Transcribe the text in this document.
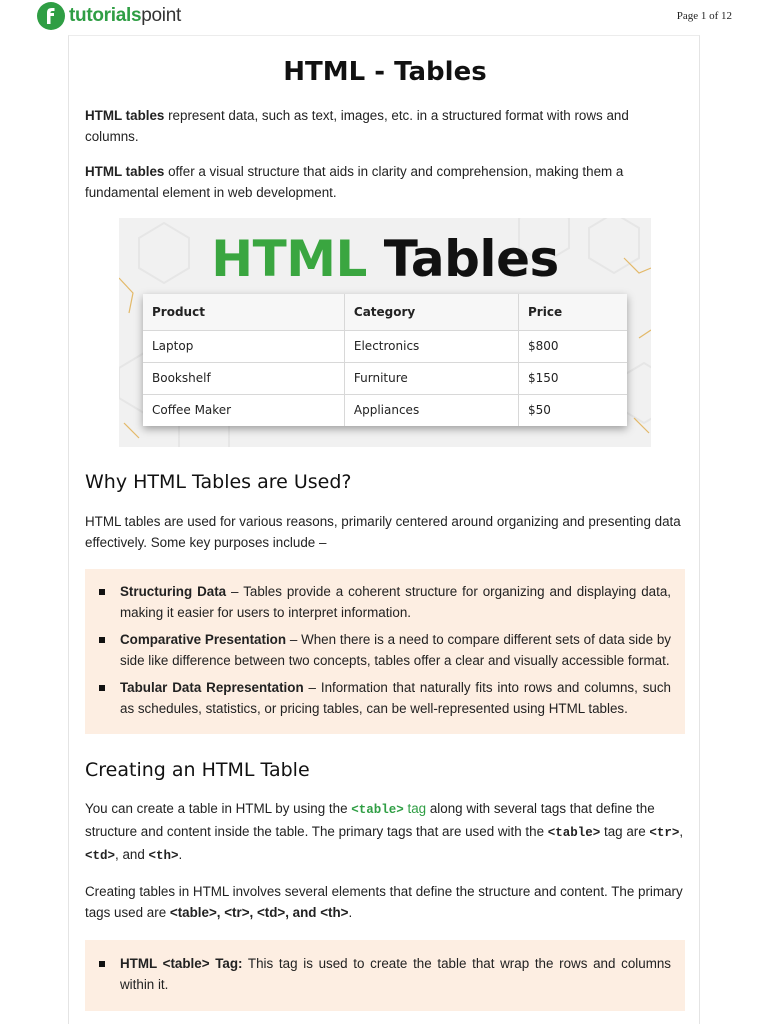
tutorialspoint	Page 1 of 12
HTML - Tables

HTML tables represent data, such as text, images, etc. in a structured format with rows and columns.

HTML tables offer a visual structure that aids in clarity and comprehension, making them a fundamental element in web development.

HTML Tables
Product	Category	Price
Laptop	Electronics	$800
Bookshelf	Furniture	$150
Coffee Maker	Appliances	$50
Why HTML Tables are Used?

HTML tables are used for various reasons, primarily centered around organizing and presenting data effectively. Some key purposes include –

Structuring Data – Tables provide a coherent structure for organizing and displaying data, making it easier for users to interpret information.
Comparative Presentation – When there is a need to compare different sets of data side by side like difference between two concepts, tables offer a clear and visually accessible format.
Tabular Data Representation – Information that naturally fits into rows and columns, such as schedules, statistics, or pricing tables, can be well-represented using HTML tables.
Creating an HTML Table

You can create a table in HTML by using the <table> tag along with several tags that define the structure and content inside the table. The primary tags that are used with the <table> tag are <tr>, <td>, and <th>.

Creating tables in HTML involves several elements that define the structure and content. The primary tags used are <table>, <tr>, <td>, and <th>.

HTML <table> Tag: This tag is used to create the table that wrap the rows and columns within it.
